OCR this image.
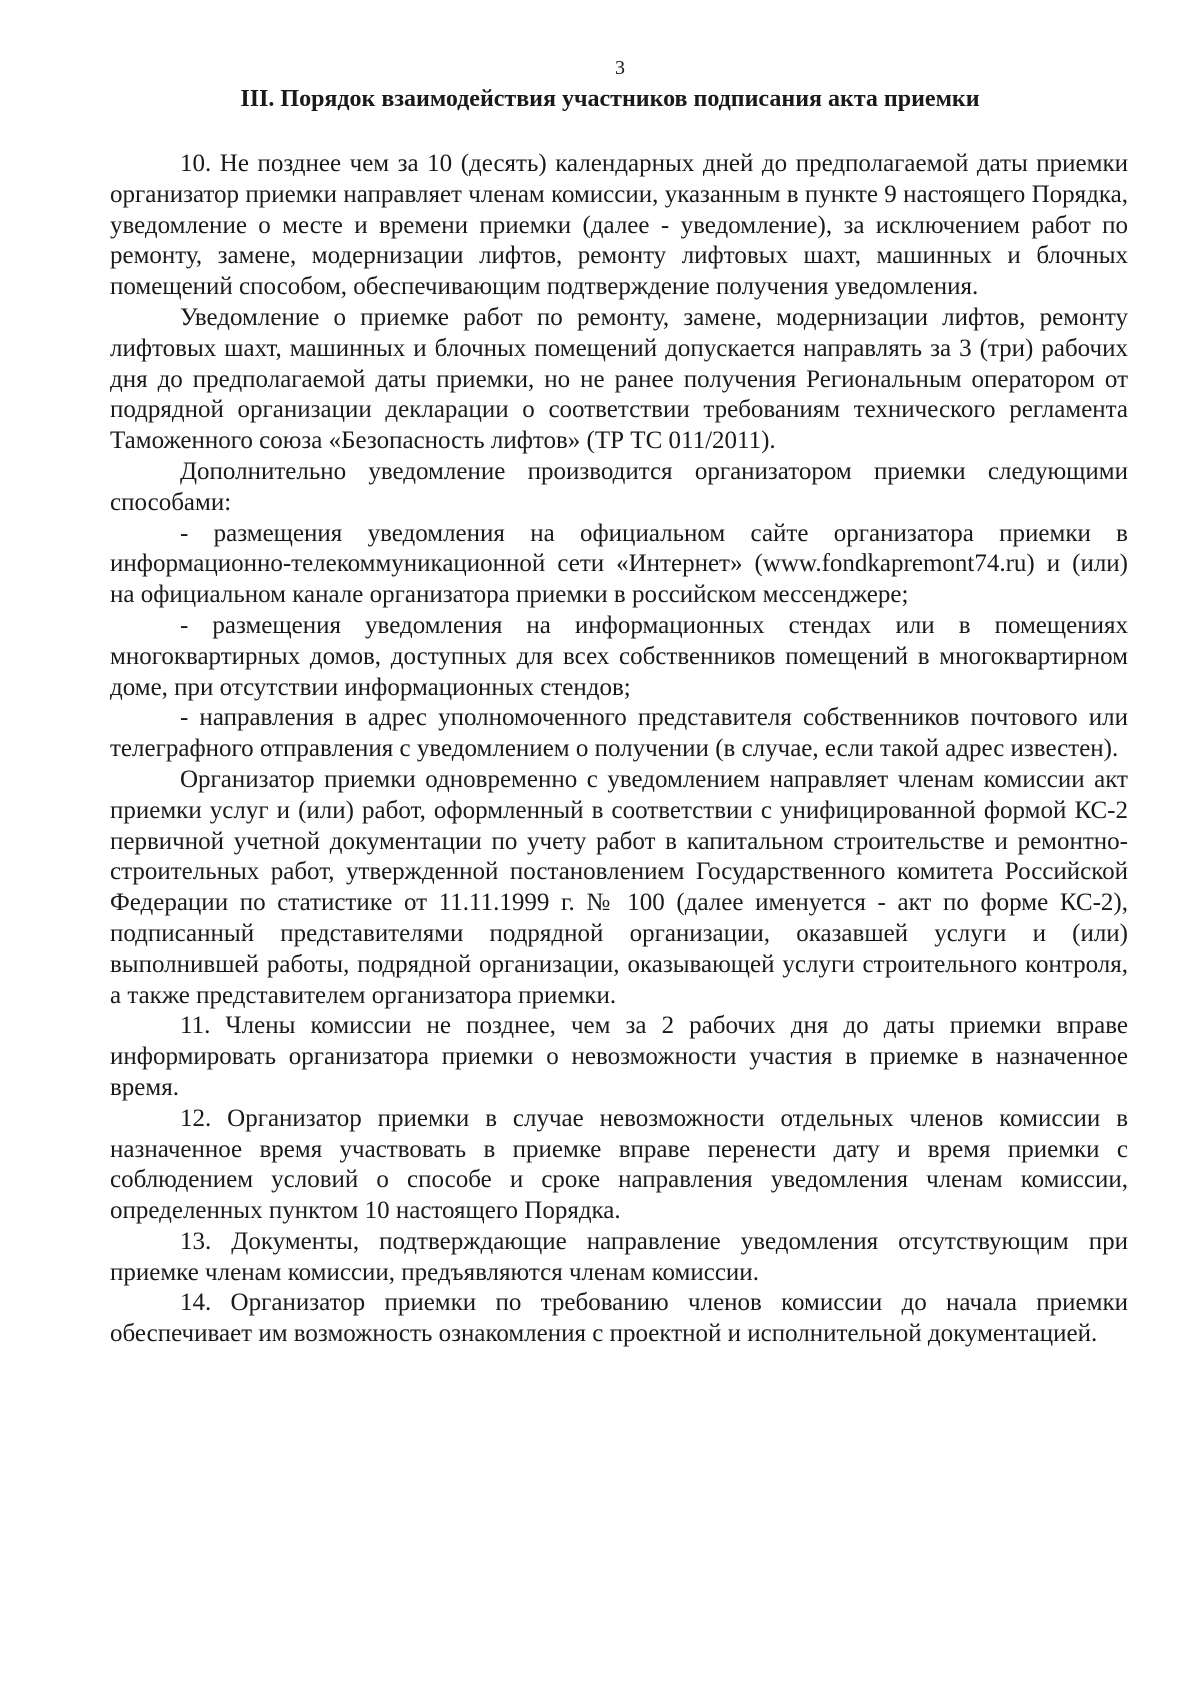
3
III. Порядок взаимодействия участников подписания акта приемки

10. Не позднее чем за 10 (десять) календарных дней до предполагаемой даты приемки организатор приемки направляет членам комиссии, указанным в пункте 9 настоящего Порядка, уведомление о месте и времени приемки (далее - уведомление), за исключением работ по ремонту, замене, модернизации лифтов, ремонту лифтовых шахт, машинных и блочных помещений способом, обеспечивающим подтверждение получения уведомления.

Уведомление о приемке работ по ремонту, замене, модернизации лифтов, ремонту лифтовых шахт, машинных и блочных помещений допускается направлять за 3 (три) рабочих дня до предполагаемой даты приемки, но не ранее получения Региональным оператором от подрядной организации декларации о соответствии требованиям технического регламента Таможенного союза «Безопасность лифтов» (ТР ТС 011/2011).

Дополнительно уведомление производится организатором приемки следующими способами:

- размещения уведомления на официальном сайте организатора приемки в информационно-телекоммуникационной сети «Интернет» (www.fondkapremont74.ru) и (или) на официальном канале организатора приемки в российском мессенджере;

- размещения уведомления на информационных стендах или в помещениях многоквартирных домов, доступных для всех собственников помещений в многоквартирном доме, при отсутствии информационных стендов;

- направления в адрес уполномоченного представителя собственников почтового или телеграфного отправления с уведомлением о получении (в случае, если такой адрес известен).

Организатор приемки одновременно с уведомлением направляет членам комиссии акт приемки услуг и (или) работ, оформленный в соответствии с унифицированной формой КС-2 первичной учетной документации по учету работ в капитальном строительстве и ремонтно-строительных работ, утвержденной постановлением Государственного комитета Российской Федерации по статистике от 11.11.1999 г. № 100 (далее именуется - акт по форме КС-2), подписанный представителями подрядной организации, оказавшей услуги и (или) выполнившей работы, подрядной организации, оказывающей услуги строительного контроля, а также представителем организатора приемки.

11. Члены комиссии не позднее, чем за 2 рабочих дня до даты приемки вправе информировать организатора приемки о невозможности участия в приемке в назначенное время.

12. Организатор приемки в случае невозможности отдельных членов комиссии в назначенное время участвовать в приемке вправе перенести дату и время приемки с соблюдением условий о способе и сроке направления уведомления членам комиссии, определенных пунктом 10 настоящего Порядка.

13. Документы, подтверждающие направление уведомления отсутствующим при приемке членам комиссии, предъявляются членам комиссии.

14. Организатор приемки по требованию членов комиссии до начала приемки обеспечивает им возможность ознакомления с проектной и исполнительной документацией.
